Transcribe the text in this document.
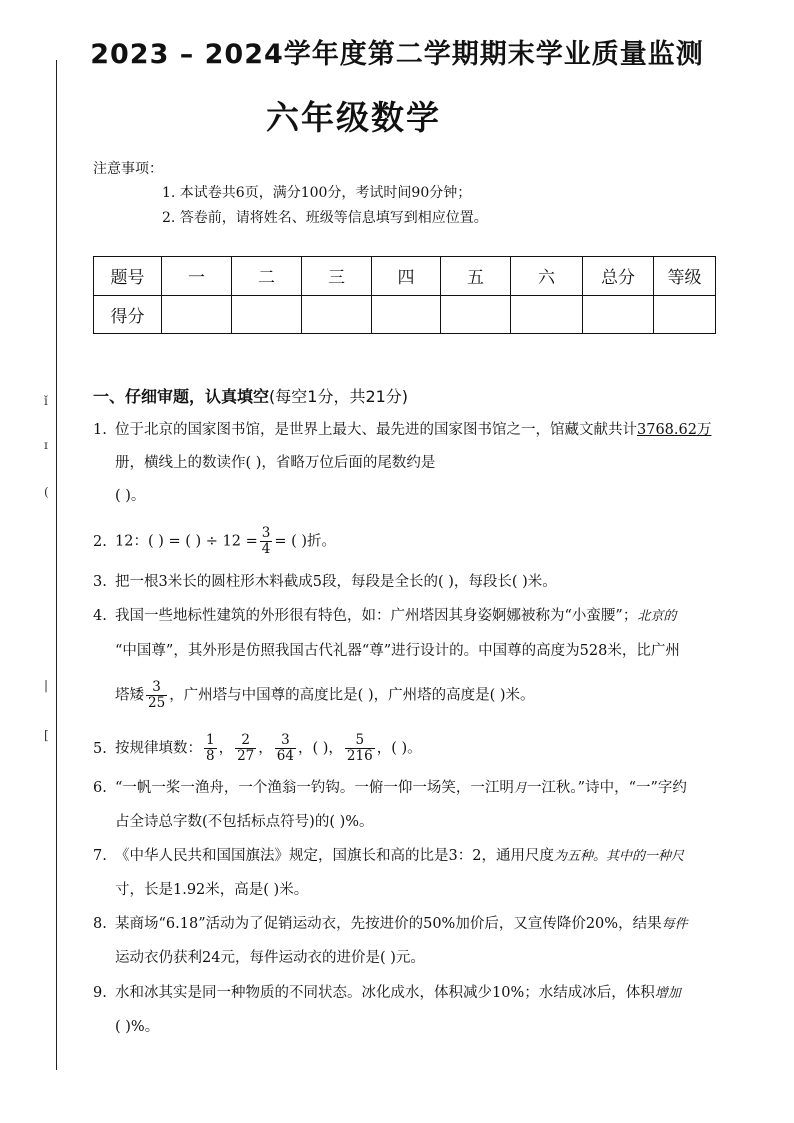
ǐ
ɪ
(
|
[
2023 – 2024学年度第二学期期末学业质量监测
六年级数学
注意事项：
1. 本试卷共6页，满分100分，考试时间90分钟；
2. 答卷前，请将姓名、班级等信息填写到相应位置。
题号	一	二	三	四	五	六	总分	等级
得分								
一、仔细审题，认真填空(每空1分，共21分)
1. 位于北京的国家图书馆，是世界上最大、最先进的国家图书馆之一，馆藏文献共计3768.62万
册，横线上的数读作( )，省略万位后面的尾数约是
( )。
2. 12：( ) = ( ) ÷ $12 = \frac{3}{4}$ = ( )折。
3. 把一根3米长的圆柱形木料截成5段，每段是全长的( )，每段长( )米。
4. 我国一些地标性建筑的外形很有特色，如：广州塔因其身姿婀娜被称为“小蛮腰”；北京的
“中国尊”，其外形是仿照我国古代礼器“尊”进行设计的。中国尊的高度为528米，比广州
塔矮 $\frac{3}{25}$ ，广州塔与中国尊的高度比是( )，广州塔的高度是( )米。
5. 按规律填数： $\frac{1}{8}$ ， $\frac{2}{27}$ ， $\frac{3}{64}$ ，( )， $\frac{5}{216}$ ，( )。
6. “一帆一桨一渔舟，一个渔翁一钓钩。一俯一仰一场笑，一江明月一江秋。”诗中，“一”字约
占全诗总字数(不包括标点符号)的( )%。
7. 《中华人民共和国国旗法》规定，国旗长和高的比是3：2，通用尺度为五种。其中的一种尺
寸，长是1.92米，高是( )米。
8. 某商场“6.18”活动为了促销运动衣，先按进价的50%加价后，又宣传降价20%，结果每件
运动衣仍获利24元，每件运动衣的进价是( )元。
9. 水和冰其实是同一种物质的不同状态。冰化成水，体积减少10%；水结成冰后，体积增加
( )%。
